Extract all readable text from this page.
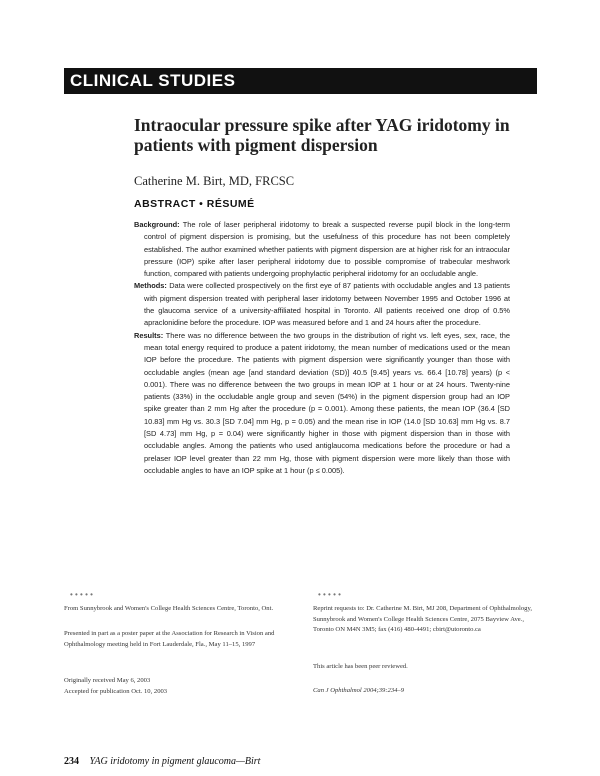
CLINICAL STUDIES
Intraocular pressure spike after YAG iridotomy in patients with pigment dispersion
Catherine M. Birt, MD, FRCSC
ABSTRACT • RÉSUMÉ

Background: The role of laser peripheral iridotomy to break a suspected reverse pupil block in the long-term control of pigment dispersion is promising, but the usefulness of this procedure has not been completely established. The author examined whether patients with pigment dispersion are at higher risk for an intraocular pressure (IOP) spike after laser peripheral iridotomy due to possible compromise of trabecular meshwork function, compared with patients undergoing prophylactic peripheral iridotomy for an occludable angle.

Methods: Data were collected prospectively on the first eye of 87 patients with occludable angles and 13 patients with pigment dispersion treated with peripheral laser iridotomy between November 1995 and October 1996 at the glaucoma service of a university-affiliated hospital in Toronto. All patients received one drop of 0.5% apraclonidine before the procedure. IOP was measured before and 1 and 24 hours after the procedure.

Results: There was no difference between the two groups in the distribution of right vs. left eyes, sex, race, the mean total energy required to produce a patent iridotomy, the mean number of medications used or the mean IOP before the procedure. The patients with pigment dispersion were significantly younger than those with occludable angles (mean age [and standard deviation (SD)] 40.5 [9.45] years vs. 66.4 [10.78] years) (p < 0.001). There was no difference between the two groups in mean IOP at 1 hour or at 24 hours. Twenty-nine patients (33%) in the occludable angle group and seven (54%) in the pigment dispersion group had an IOP spike greater than 2 mm Hg after the procedure (p = 0.001). Among these patients, the mean IOP (36.4 [SD 10.83] mm Hg vs. 30.3 [SD 7.04] mm Hg, p = 0.05) and the mean rise in IOP (14.0 [SD 10.63] mm Hg vs. 8.7 [SD 4.73] mm Hg, p = 0.04) were significantly higher in those with pigment dispersion than in those with occludable angles. Among the patients who used antiglaucoma medications before the procedure or had a prelaser IOP level greater than 22 mm Hg, those with pigment dispersion were more likely than those with occludable angles to have an IOP spike at 1 hour (p ≤ 0.005).

• • • • •	• • • • •

From Sunnybrook and Women's College Health Sciences Centre, Toronto, Ont.

Presented in part as a poster paper at the Association for Research in Vision and Ophthalmology meeting held in Fort Lauderdale, Fla., May 11–15, 1997

Originally received May 6, 2003

Accepted for publication Oct. 10, 2003

Reprint requests to: Dr. Catherine M. Birt, MJ 208, Department of Ophthalmology, Sunnybrook and Women's College Health Sciences Centre, 2075 Bayview Ave., Toronto ON M4N 3M5; fax (416) 480-4491; cbirt@utoronto.ca

This article has been peer reviewed.

Can J Ophthalmol 2004;39:234–9

234 YAG iridotomy in pigment glaucoma—Birt
